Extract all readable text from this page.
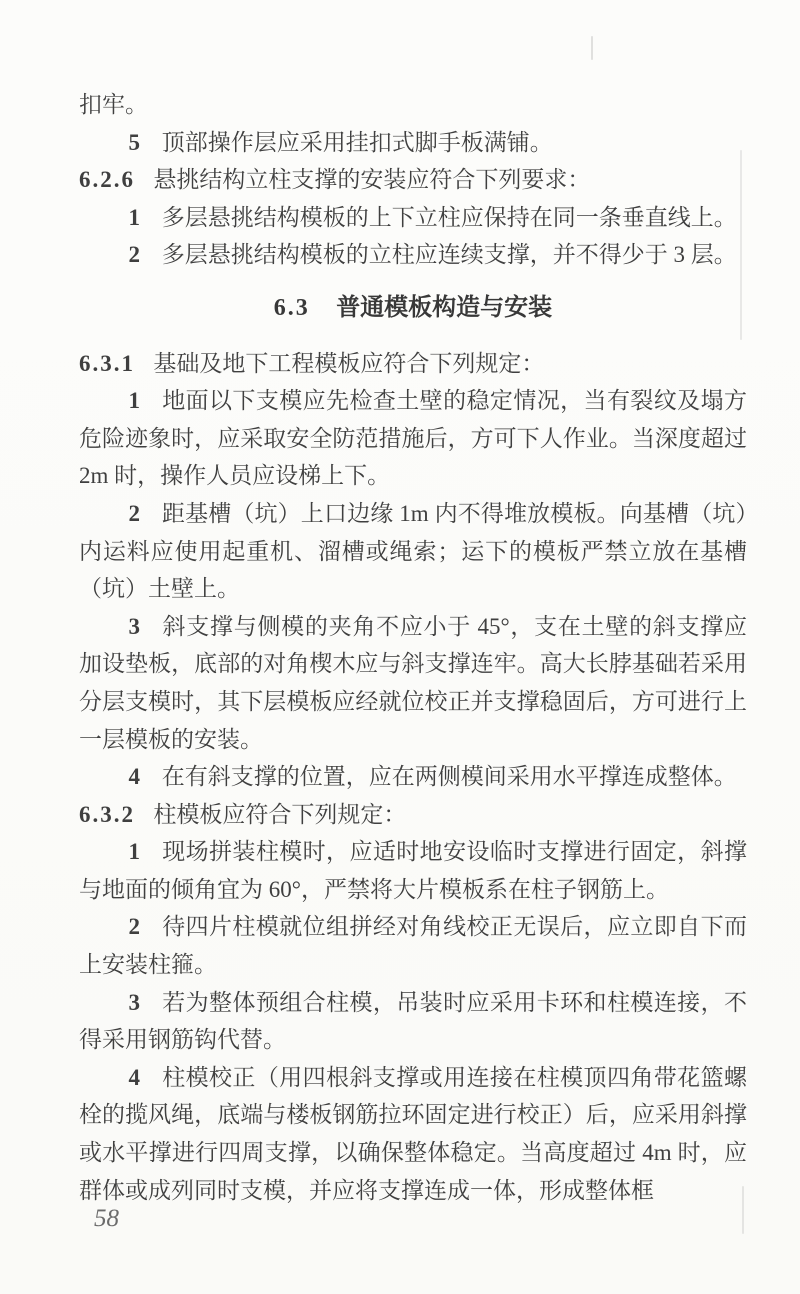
扣牢。

5 顶部操作层应采用挂扣式脚手板满铺。

6.2.6 悬挑结构立柱支撑的安装应符合下列要求：

1 多层悬挑结构模板的上下立柱应保持在同一条垂直线上。

2 多层悬挑结构模板的立柱应连续支撑，并不得少于 3 层。

6.3 普通模板构造与安装

6.3.1 基础及地下工程模板应符合下列规定：

1 地面以下支模应先检查土壁的稳定情况，当有裂纹及塌方危险迹象时，应采取安全防范措施后，方可下人作业。当深度超过 2m 时，操作人员应设梯上下。

2 距基槽（坑）上口边缘 1m 内不得堆放模板。向基槽（坑）内运料应使用起重机、溜槽或绳索；运下的模板严禁立放在基槽（坑）土壁上。

3 斜支撑与侧模的夹角不应小于 45°，支在土壁的斜支撑应加设垫板，底部的对角楔木应与斜支撑连牢。高大长脖基础若采用分层支模时，其下层模板应经就位校正并支撑稳固后，方可进行上一层模板的安装。

4 在有斜支撑的位置，应在两侧模间采用水平撑连成整体。

6.3.2 柱模板应符合下列规定：

1 现场拼装柱模时，应适时地安设临时支撑进行固定，斜撑与地面的倾角宜为 60°，严禁将大片模板系在柱子钢筋上。

2 待四片柱模就位组拼经对角线校正无误后，应立即自下而上安装柱箍。

3 若为整体预组合柱模，吊装时应采用卡环和柱模连接，不得采用钢筋钩代替。

4 柱模校正（用四根斜支撑或用连接在柱模顶四角带花篮螺栓的揽风绳，底端与楼板钢筋拉环固定进行校正）后，应采用斜撑或水平撑进行四周支撑，以确保整体稳定。当高度超过 4m 时，应群体或成列同时支模，并应将支撑连成一体，形成整体框

58
